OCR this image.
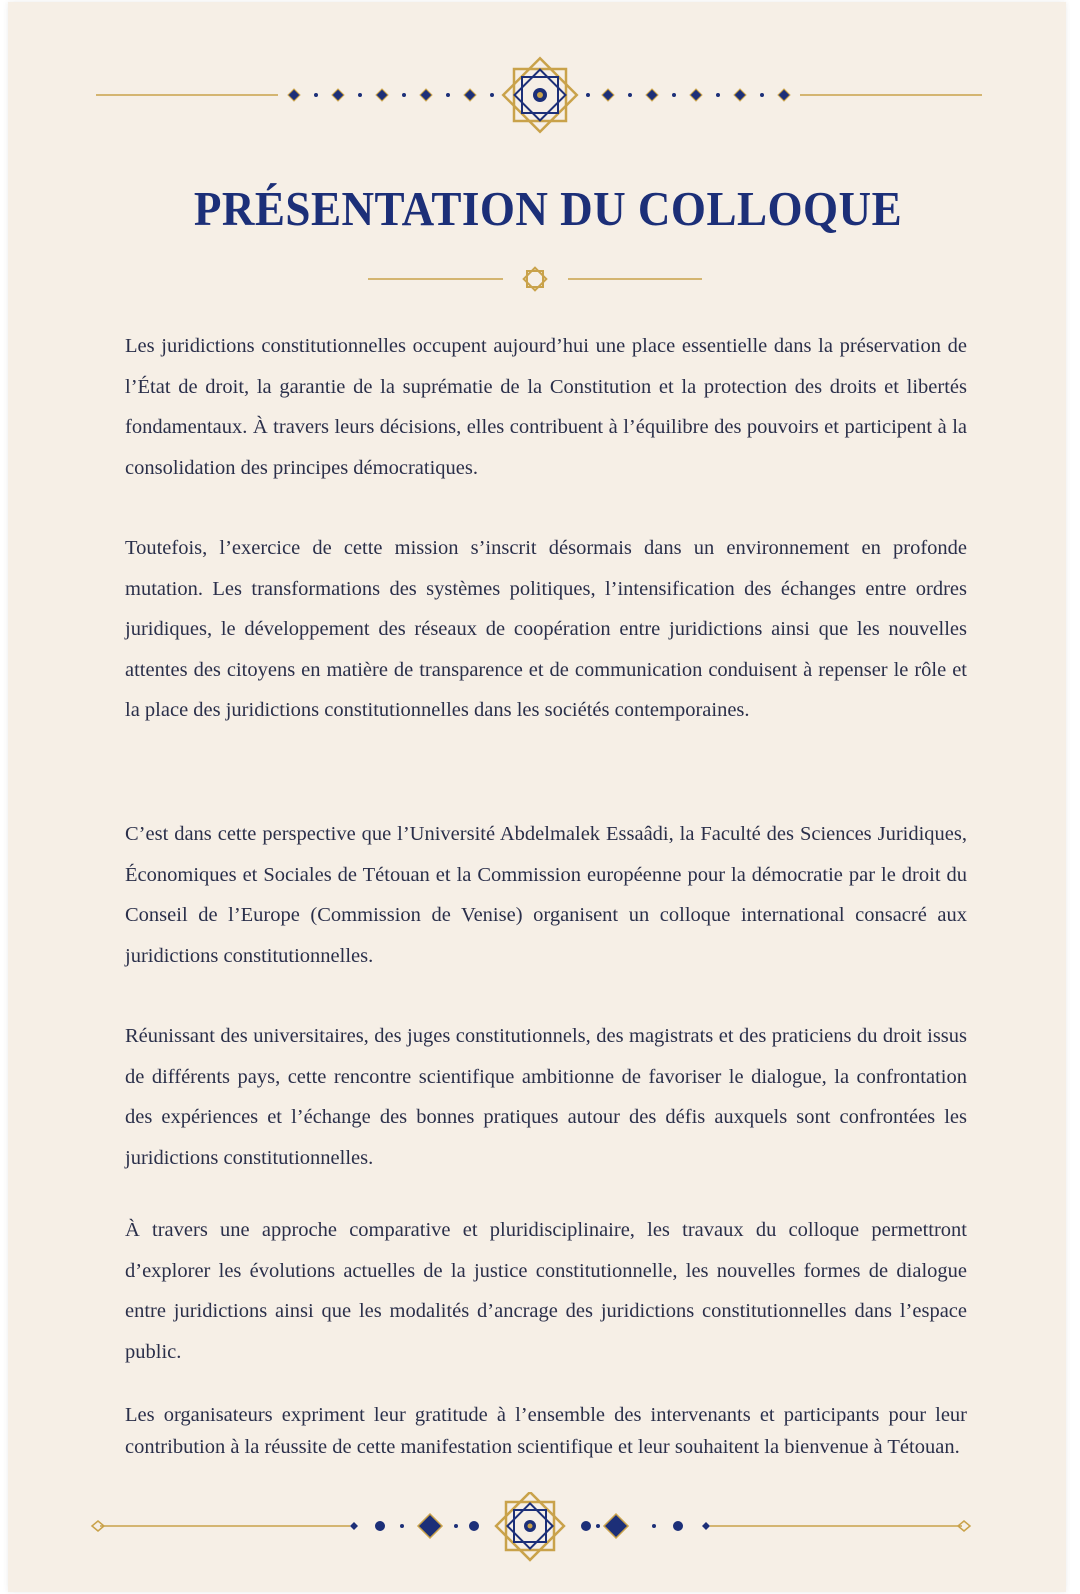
PRÉSENTATION DU COLLOQUE

Les juridictions constitutionnelles occupent aujourd’hui une place essentielle dans la préservation de l’État de droit, la garantie de la suprématie de la Constitution et la protection des droits et libertés fondamentaux. À travers leurs décisions, elles contribuent à l’équilibre des pouvoirs et participent à la consolidation des principes démocratiques.

Toutefois, l’exercice de cette mission s’inscrit désormais dans un environnement en profonde mutation. Les transformations des systèmes politiques, l’intensification des échanges entre ordres juridiques, le développement des réseaux de coopération entre juridictions ainsi que les nouvelles attentes des citoyens en matière de transparence et de communication conduisent à repenser le rôle et la place des juridictions constitutionnelles dans les sociétés contemporaines.

C’est dans cette perspective que l’Université Abdelmalek Essaâdi, la Faculté des Sciences Juridiques, Économiques et Sociales de Tétouan et la Commission européenne pour la démocratie par le droit du Conseil de l’Europe (Commission de Venise) organisent un colloque international consacré aux juridictions constitutionnelles.

Réunissant des universitaires, des juges constitutionnels, des magistrats et des praticiens du droit issus de différents pays, cette rencontre scientifique ambitionne de favoriser le dialogue, la confrontation des expériences et l’échange des bonnes pratiques autour des défis auxquels sont confrontées les juridictions constitutionnelles.

À travers une approche comparative et pluridisciplinaire, les travaux du colloque permettront d’explorer les évolutions actuelles de la justice constitutionnelle, les nouvelles formes de dialogue entre juridictions ainsi que les modalités d’ancrage des juridictions constitutionnelles dans l’espace public.

Les organisateurs expriment leur gratitude à l’ensemble des intervenants et participants pour leur contribution à la réussite de cette manifestation scientifique et leur souhaitent la bienvenue à Tétouan.
